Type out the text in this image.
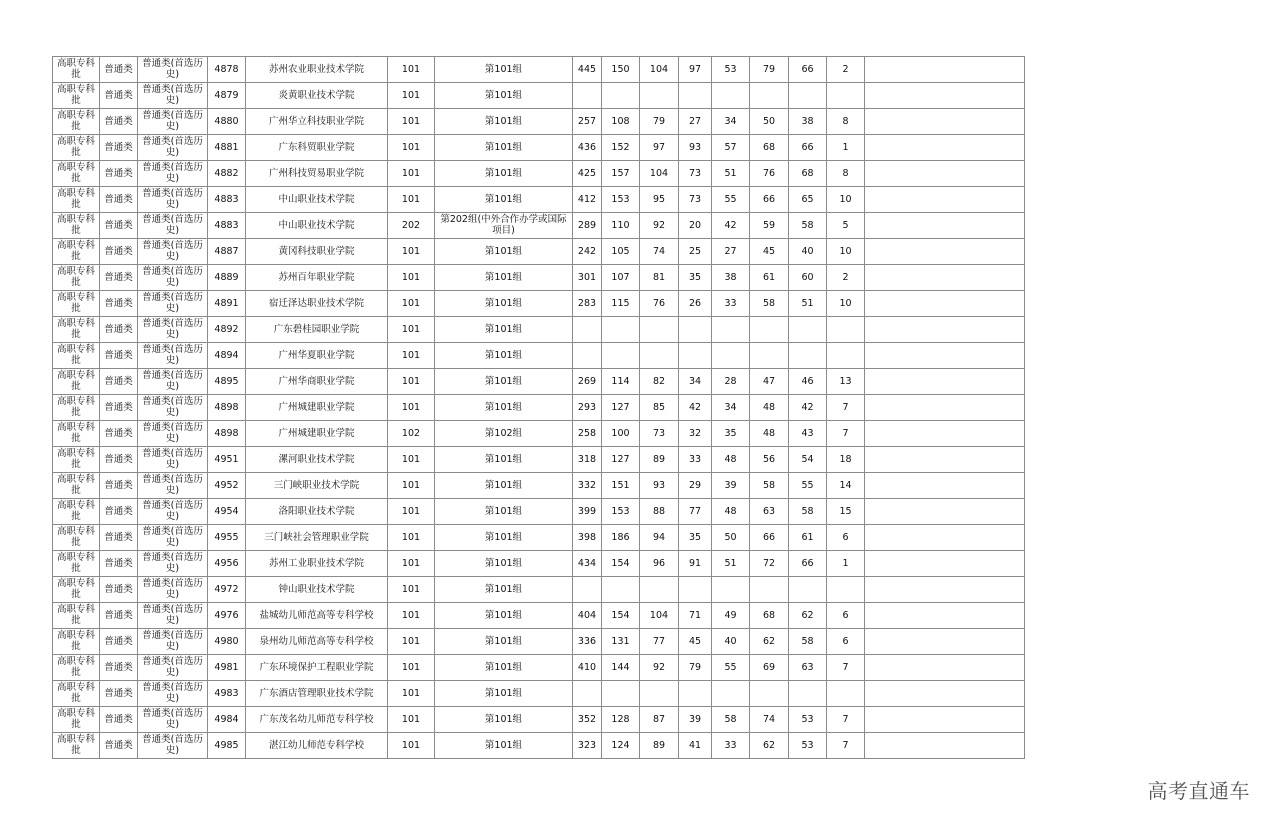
高职专科批	普通类	普通类(首选历史)	4878	苏州农业职业技术学院	101	第101组	445	150	104	97	53	79	66	2	
高职专科批	普通类	普通类(首选历史)	4879	炎黄职业技术学院	101	第101组									
高职专科批	普通类	普通类(首选历史)	4880	广州华立科技职业学院	101	第101组	257	108	79	27	34	50	38	8	
高职专科批	普通类	普通类(首选历史)	4881	广东科贸职业学院	101	第101组	436	152	97	93	57	68	66	1	
高职专科批	普通类	普通类(首选历史)	4882	广州科技贸易职业学院	101	第101组	425	157	104	73	51	76	68	8	
高职专科批	普通类	普通类(首选历史)	4883	中山职业技术学院	101	第101组	412	153	95	73	55	66	65	10	
高职专科批	普通类	普通类(首选历史)	4883	中山职业技术学院	202	第202组(中外合作办学或国际项目)	289	110	92	20	42	59	58	5	
高职专科批	普通类	普通类(首选历史)	4887	黄冈科技职业学院	101	第101组	242	105	74	25	27	45	40	10	
高职专科批	普通类	普通类(首选历史)	4889	苏州百年职业学院	101	第101组	301	107	81	35	38	61	60	2	
高职专科批	普通类	普通类(首选历史)	4891	宿迁泽达职业技术学院	101	第101组	283	115	76	26	33	58	51	10	
高职专科批	普通类	普通类(首选历史)	4892	广东碧桂园职业学院	101	第101组									
高职专科批	普通类	普通类(首选历史)	4894	广州华夏职业学院	101	第101组									
高职专科批	普通类	普通类(首选历史)	4895	广州华商职业学院	101	第101组	269	114	82	34	28	47	46	13	
高职专科批	普通类	普通类(首选历史)	4898	广州城建职业学院	101	第101组	293	127	85	42	34	48	42	7	
高职专科批	普通类	普通类(首选历史)	4898	广州城建职业学院	102	第102组	258	100	73	32	35	48	43	7	
高职专科批	普通类	普通类(首选历史)	4951	漯河职业技术学院	101	第101组	318	127	89	33	48	56	54	18	
高职专科批	普通类	普通类(首选历史)	4952	三门峡职业技术学院	101	第101组	332	151	93	29	39	58	55	14	
高职专科批	普通类	普通类(首选历史)	4954	洛阳职业技术学院	101	第101组	399	153	88	77	48	63	58	15	
高职专科批	普通类	普通类(首选历史)	4955	三门峡社会管理职业学院	101	第101组	398	186	94	35	50	66	61	6	
高职专科批	普通类	普通类(首选历史)	4956	苏州工业职业技术学院	101	第101组	434	154	96	91	51	72	66	1	
高职专科批	普通类	普通类(首选历史)	4972	钟山职业技术学院	101	第101组									
高职专科批	普通类	普通类(首选历史)	4976	盐城幼儿师范高等专科学校	101	第101组	404	154	104	71	49	68	62	6	
高职专科批	普通类	普通类(首选历史)	4980	泉州幼儿师范高等专科学校	101	第101组	336	131	77	45	40	62	58	6	
高职专科批	普通类	普通类(首选历史)	4981	广东环境保护工程职业学院	101	第101组	410	144	92	79	55	69	63	7	
高职专科批	普通类	普通类(首选历史)	4983	广东酒店管理职业技术学院	101	第101组									
高职专科批	普通类	普通类(首选历史)	4984	广东茂名幼儿师范专科学校	101	第101组	352	128	87	39	58	74	53	7	
高职专科批	普通类	普通类(首选历史)	4985	湛江幼儿师范专科学校	101	第101组	323	124	89	41	33	62	53	7	
高考直通车
